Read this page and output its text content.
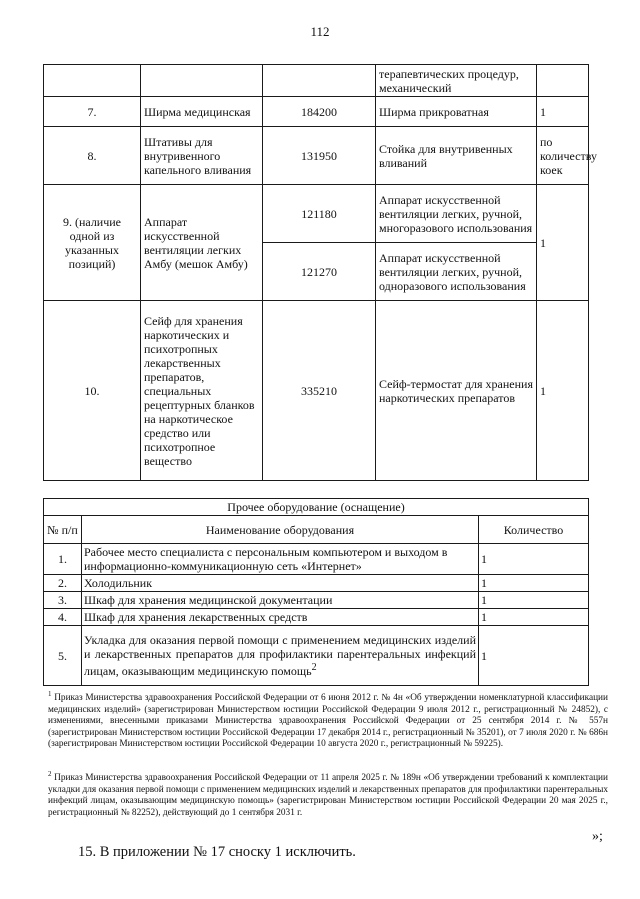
112
			терапевтических процедур, механический	
7.	Ширма медицинская	184200	Ширма прикроватная	1
8.	Штативы для внутривенного капельного вливания	131950	Стойка для внутривенных вливаний	по количеству коек
9. (наличие одной из указанных позиций)	Аппарат искусственной вентиляции легких Амбу (мешок Амбу)	121180	Аппарат искусственной вентиляции легких, ручной, многоразового использования	1
		121270	Аппарат искусственной вентиляции легких, ручной, одноразового использования	
10.	Сейф для хранения наркотических и психотропных лекарственных препаратов, специальных рецептурных бланков на наркотическое средство или психотропное вещество	335210	Сейф-термостат для хранения наркотических препаратов	1
Прочее оборудование (оснащение)		
№ п/п	Наименование оборудования	Количество
1.	Рабочее место специалиста с персональным компьютером и выходом в информационно-коммуникационную сеть «Интернет»	1
2.	Холодильник	1
3.	Шкаф для хранения медицинской документации	1
4.	Шкаф для хранения лекарственных средств	1
5.	Укладка для оказания первой помощи с применением медицинских изделий и лекарственных препаратов для профилактики парентеральных инфекций лицам, оказывающим медицинскую помощь$^2$	1
$^1$ Приказ Министерства здравоохранения Российской Федерации от 6 июня 2012 г. № 4н «Об утверждении номенклатурной классификации медицинских изделий» (зарегистрирован Министерством юстиции Российской Федерации 9 июля 2012 г., регистрационный № 24852), с изменениями, внесенными приказами Министерства здравоохранения Российской Федерации от 25 сентября 2014 г. № 557н (зарегистрирован Министерством юстиции Российской Федерации 17 декабря 2014 г., регистрационный № 35201), от 7 июля 2020 г. № 686н (зарегистрирован Министерством юстиции Российской Федерации 10 августа 2020 г., регистрационный № 59225).
$^2$ Приказ Министерства здравоохранения Российской Федерации от 11 апреля 2025 г. № 189н «Об утверждении требований к комплектации укладки для оказания первой помощи с применением медицинских изделий и лекарственных препаратов для профилактики парентеральных инфекций лицам, оказывающим медицинскую помощь» (зарегистрирован Министерством юстиции Российской Федерации 20 мая 2025 г., регистрационный № 82252), действующий до 1 сентября 2031 г.
»;
15. В приложении № 17 сноску 1 исключить.
